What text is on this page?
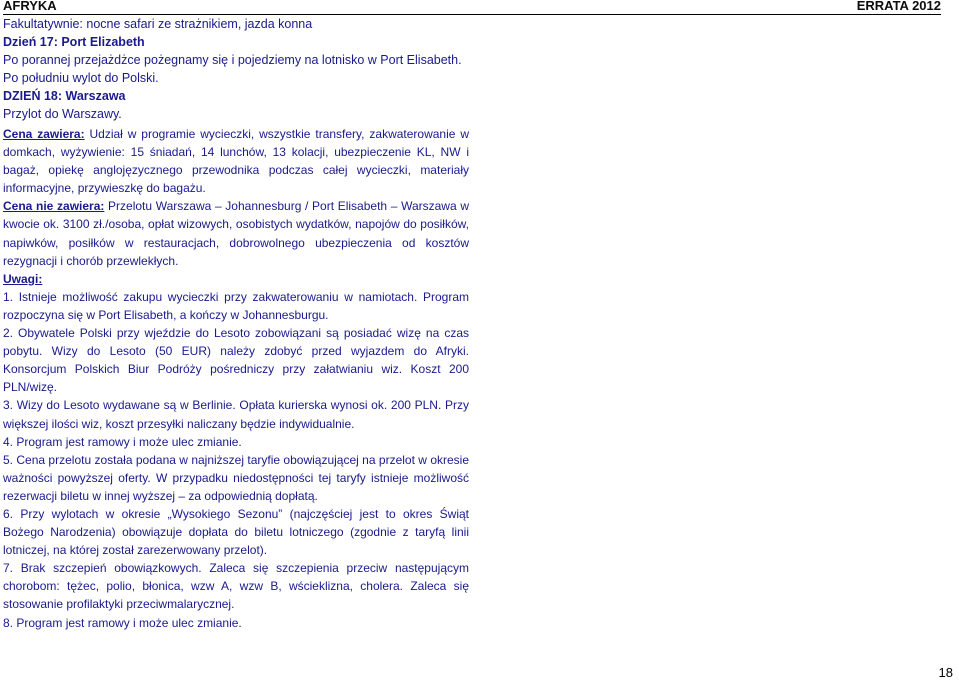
AFRYKA	ERRATA 2012
Fakultatywnie: nocne safari ze strażnikiem, jazda konna
Dzień 17: Port Elizabeth
Po porannej przejażdżce pożegnamy się i pojedziemy na lotnisko w Port Elisabeth.
Po południu wylot do Polski.
DZIEŃ 18: Warszawa
Przylot do Warszawy.

Cena zawiera: Udział w programie wycieczki, wszystkie transfery, zakwaterowanie w domkach, wyżywienie: 15 śniadań, 14 lunchów, 13 kolacji, ubezpieczenie KL, NW i bagaż, opiekę anglojęzycznego przewodnika podczas całej wycieczki, materiały informacyjne, przywieszkę do bagażu.

Cena nie zawiera: Przelotu Warszawa – Johannesburg / Port Elisabeth – Warszawa w kwocie ok. 3100 zł./osoba, opłat wizowych, osobistych wydatków, napojów do posiłków, napiwków, posiłków w restauracjach, dobrowolnego ubezpieczenia od kosztów rezygnacji i chorób przewlekłych.

Uwagi:

1. Istnieje możliwość zakupu wycieczki przy zakwaterowaniu w namiotach. Program rozpoczyna się w Port Elisabeth, a kończy w Johannesburgu.

2. Obywatele Polski przy wjeździe do Lesoto zobowiązani są posiadać wizę na czas pobytu. Wizy do Lesoto (50 EUR) należy zdobyć przed wyjazdem do Afryki. Konsorcjum Polskich Biur Podróży pośredniczy przy załatwianiu wiz. Koszt 200 PLN/wizę.

3. Wizy do Lesoto wydawane są w Berlinie. Opłata kurierska wynosi ok. 200 PLN. Przy większej ilości wiz, koszt przesyłki naliczany będzie indywidualnie.

4. Program jest ramowy i może ulec zmianie.

5. Cena przelotu została podana w najniższej taryfie obowiązującej na przelot w okresie ważności powyższej oferty. W przypadku niedostępności tej taryfy istnieje możliwość rezerwacji biletu w innej wyższej – za odpowiednią dopłatą.

6. Przy wylotach w okresie „Wysokiego Sezonu” (najczęściej jest to okres Świąt Bożego Narodzenia) obowiązuje dopłata do biletu lotniczego (zgodnie z taryfą linii lotniczej, na której został zarezerwowany przelot).

7. Brak szczepień obowiązkowych. Zaleca się szczepienia przeciw następującym chorobom: tężec, polio, błonica, wzw A, wzw B, wścieklizna, cholera. Zaleca się stosowanie profilaktyki przeciwmalarycznej.

8. Program jest ramowy i może ulec zmianie.

18
